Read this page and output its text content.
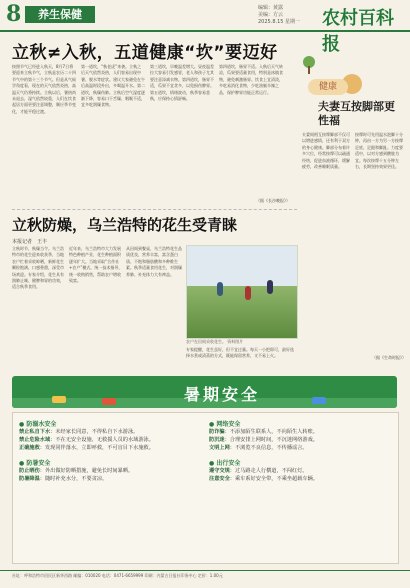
8	养生保健	编辑：黄露
美编：方云
2025.8.15 星期一	农村百科报
立秋≠入秋，五道健康“坎”要迈好
按照节气已经进入秋天，8月7日将要迎来立秋节气，立秋是农历二十四节气中的第十三个节气。但是从气候学角度看，现在的天气依然炎热，高温天气仍将持续。立秋以后，暑热尚未退去，湿气依然较重，人们在饮食起居方面更要注意调整，顺应季节变化，才能平稳过渡。
第一道坎，“秋老虎”来袭。立秋之后天气依然炎热，人们容易出现中暑、脱水等症状。建议大家避免在午后高温时段外出，多喝温开水。第二道坎，秋燥伤肺。立秋后空气湿度逐渐下降，容易口干舌燥、咽喉不适，宜多吃润燥食物。
第三道坎，早晚温差增大。昼夜温差拉大容易引发感冒，老人和孩子尤其要注意添减衣物。第四道坎，肠胃不适，瓜果不宜贪多，以免损伤脾胃。第五道坎，情绪波动，秋季容易悲秋，应保持心情舒畅。
第四道坎，肠胃不适。入秋后天气转凉，瓜果要适量食用，特别是冰镇食物，避免刺激肠胃。饮食上宜清淡，多吃易消化食物，少吃油腻辛辣之品，保护脾胃功能正常运行。
（据《长沙晚报》）
健康
夫妻互按脚部更性福
夫妻间相互按摩脚部不仅可以增进感情，还有利于双方的身心健康。脚部分布着许多穴位，经常按摩可以疏通经络，促进血液循环，缓解疲劳，改善睡眠质量。
按摩时可先用温水泡脚十分钟，再由一方为另一方按摩足底、足跟和脚趾。力度要适中，以对方感到酸胀为宜。每次按摩十五分钟左右，长期坚持效果更佳。
（据《生命时报》）
立秋防燥，乌兰浩特的花生受青睐
本报记者　王丰
立秋时节，秋燥当令。乌兰浩特市的花生迎来收获季，当地农户忙着采收晾晒，新鲜花生颗粒饱满、口感香甜，深受市场欢迎。专家介绍，花生具有润肺止咳、健脾和胃的功效，适合秋季食用。
近年来，乌兰浩特市大力发展特色种植产业，花生种植面积逐年扩大。当地采取“合作社+农户”模式，统一技术指导、统一收购销售，帮助农户增收致富。
从田间到餐桌，乌兰浩特花生品质优良，营养丰富，富含蛋白质、不饱和脂肪酸和多种维生素。秋季适量食用花生，对润燥养肺、补充体力大有裨益。
农户在田间采收花生。 资料图片
专家提醒，花生虽好，但不宜过量。每天一小把即可，最好选择水煮或清蒸的方式，既能保留营养，又不易上火。
暑期安全
● 防溺水安全
禁止私自下水：未经家长同意，不得私自下水游泳。
禁止危险水域：不在无安全设施、无救援人员的水域游泳。
正确施救：发现同伴落水，立即呼救，不可盲目下水施救。
● 防暑安全
防止晒伤：外出做好防晒措施，避免长时间暴晒。
防暑降温：随时补充水分，不要贪凉。
● 网络安全
防诈骗：不添加陌生联系人，不向陌生人转账。
防沉迷：合理安排上网时间，不沉迷网络游戏。
文明上网：不浏览不良信息，不传播谣言。
● 出行安全
遵守交规：过马路走人行横道，不闯红灯。
注意安全：乘车系好安全带，不乘坐超载车辆。
社址：呼和浩特市回民区新华西路 邮编：010020 电话：0471-6659999 印刷：内蒙古日报社印务中心 定价：1.00元
